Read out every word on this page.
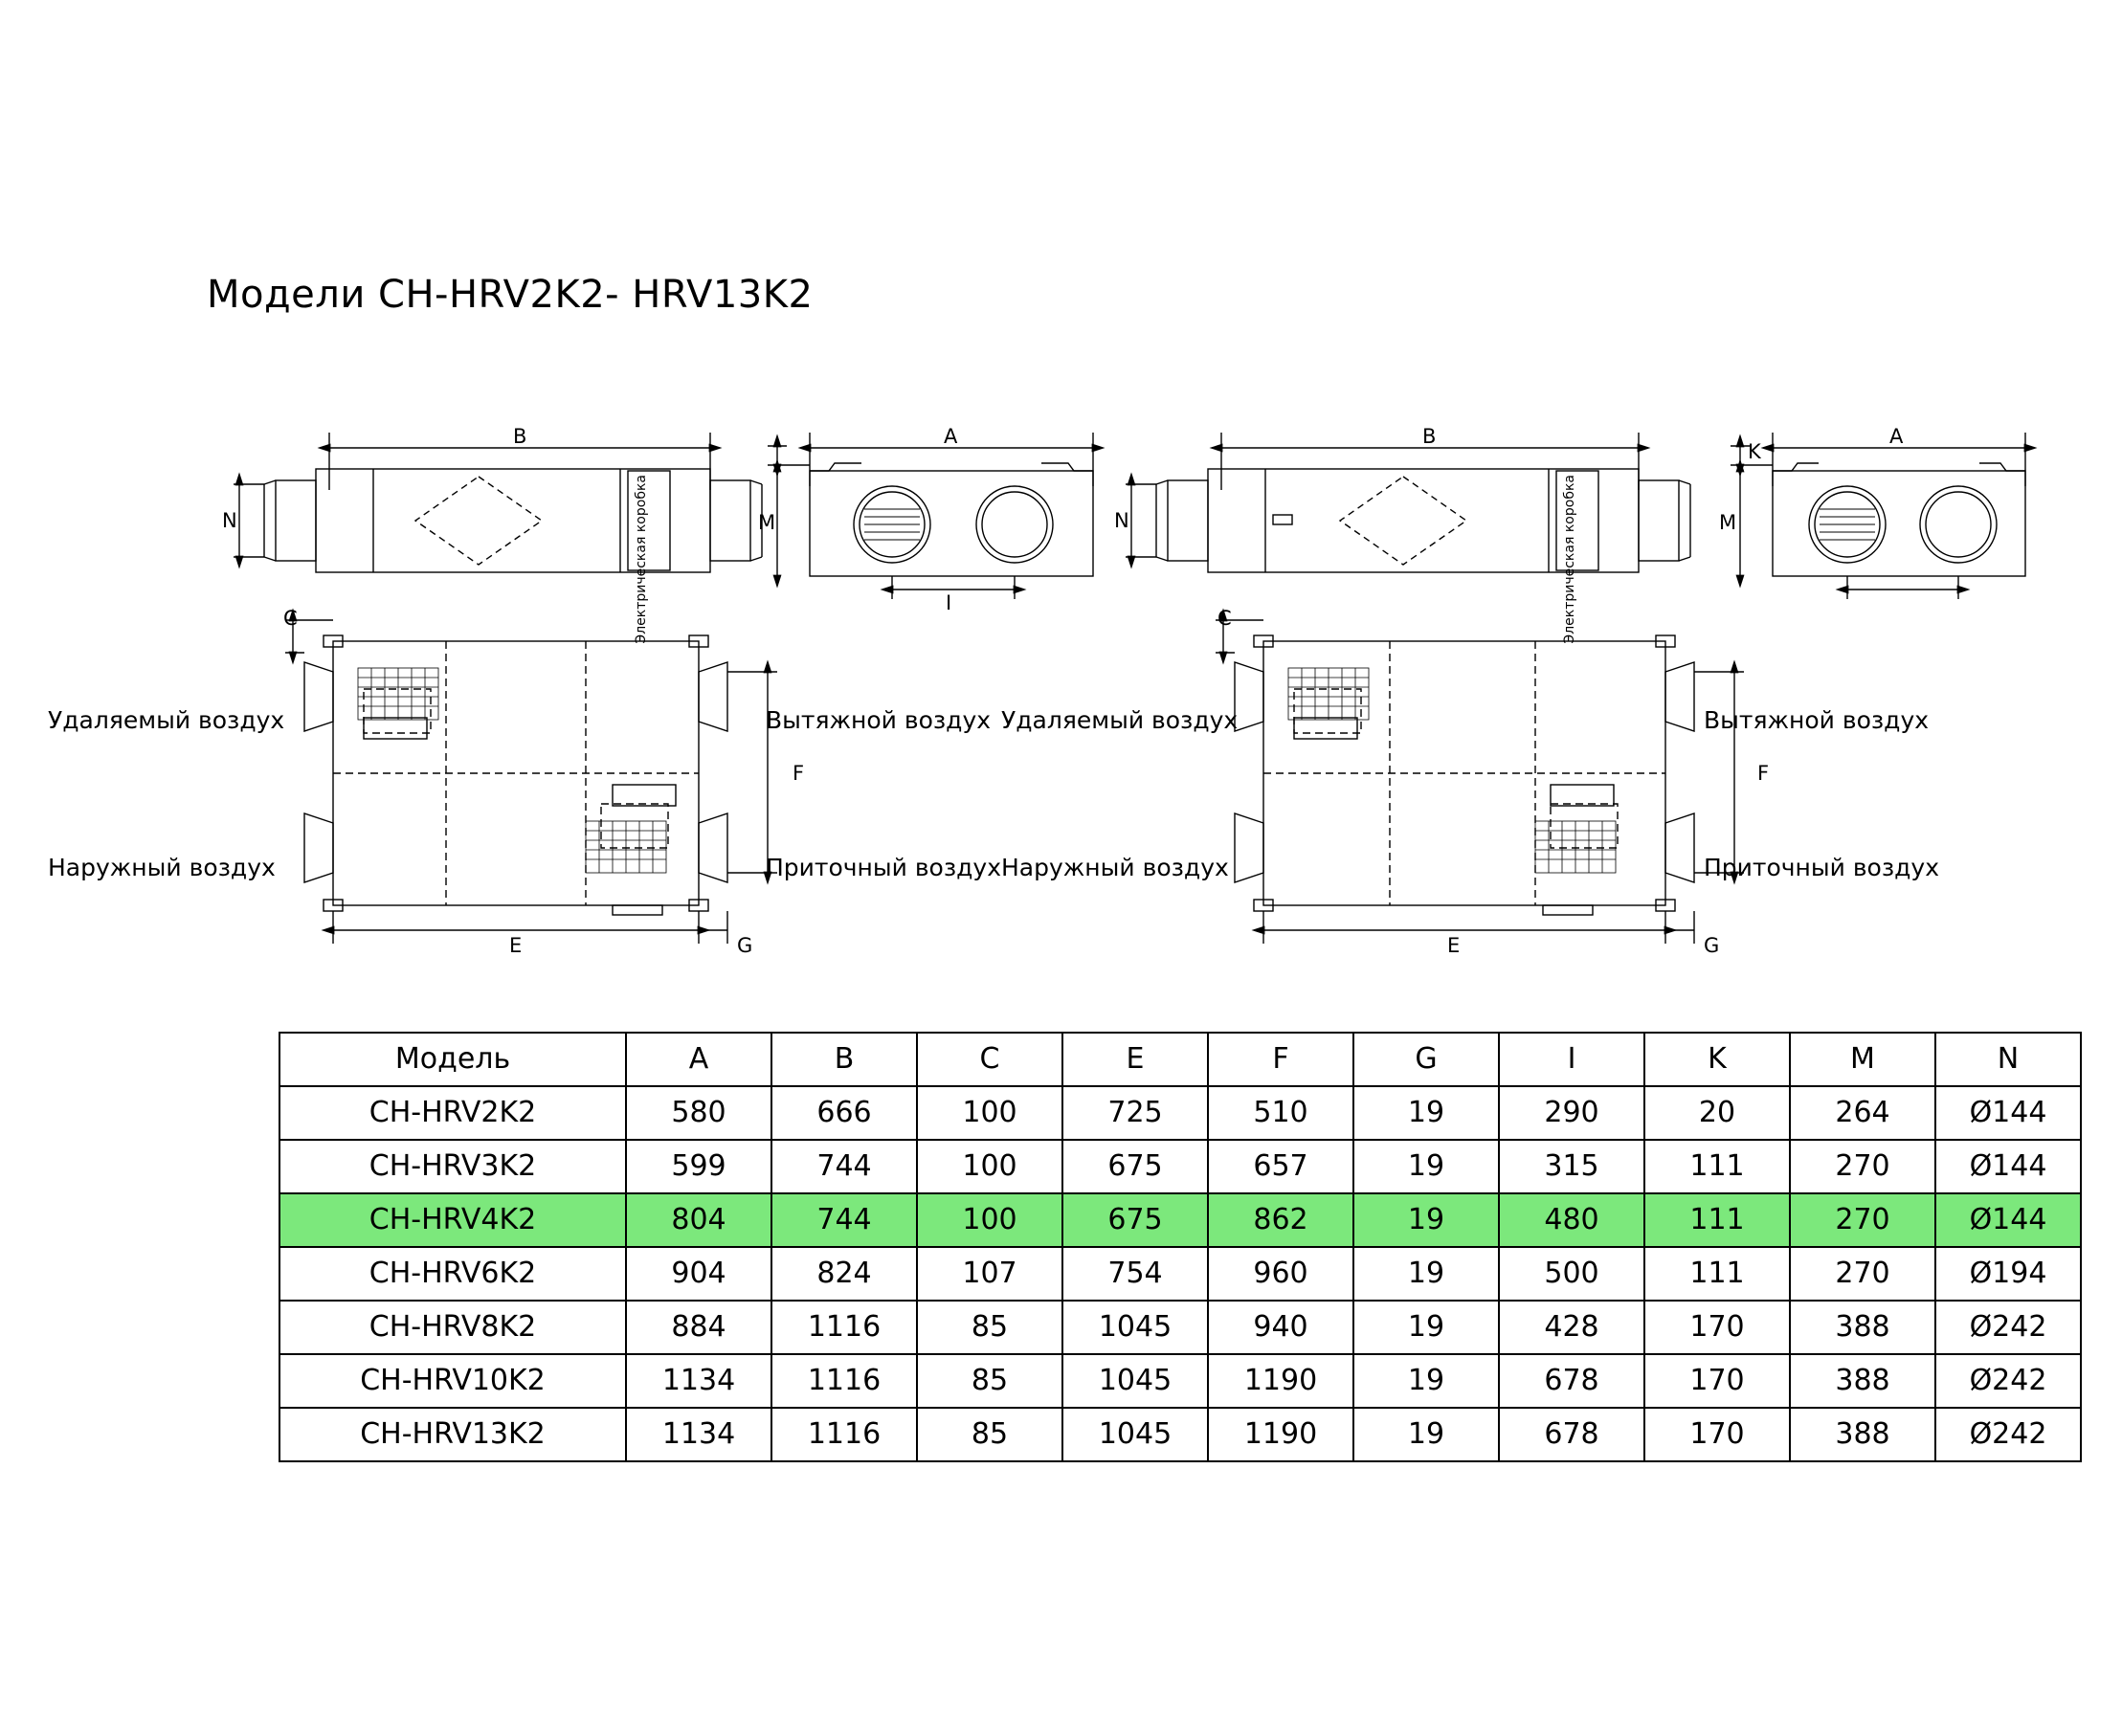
Модели CH-HRV2K2- HRV13K2
B
N
A
M
I
C
F
E	G
B
N
A
M
K
C
F
E	G
Электрическая коробка	Электрическая коробка
Удаляемый воздух
Наружный воздух
Вытяжной воздух
Приточный воздух
Удаляемый воздух
Наружный воздух
Вытяжной воздух
Приточный воздух
Модель	A	B	C	E	F	G	I	K	M	N
CH-HRV2K2	580	666	100	725	510	19	290	20	264	Ø144
CH-HRV3K2	599	744	100	675	657	19	315	111	270	Ø144
CH-HRV4K2	804	744	100	675	862	19	480	111	270	Ø144
CH-HRV6K2	904	824	107	754	960	19	500	111	270	Ø194
CH-HRV8K2	884	1116	85	1045	940	19	428	170	388	Ø242
CH-HRV10K2	1134	1116	85	1045	1190	19	678	170	388	Ø242
CH-HRV13K2	1134	1116	85	1045	1190	19	678	170	388	Ø242
